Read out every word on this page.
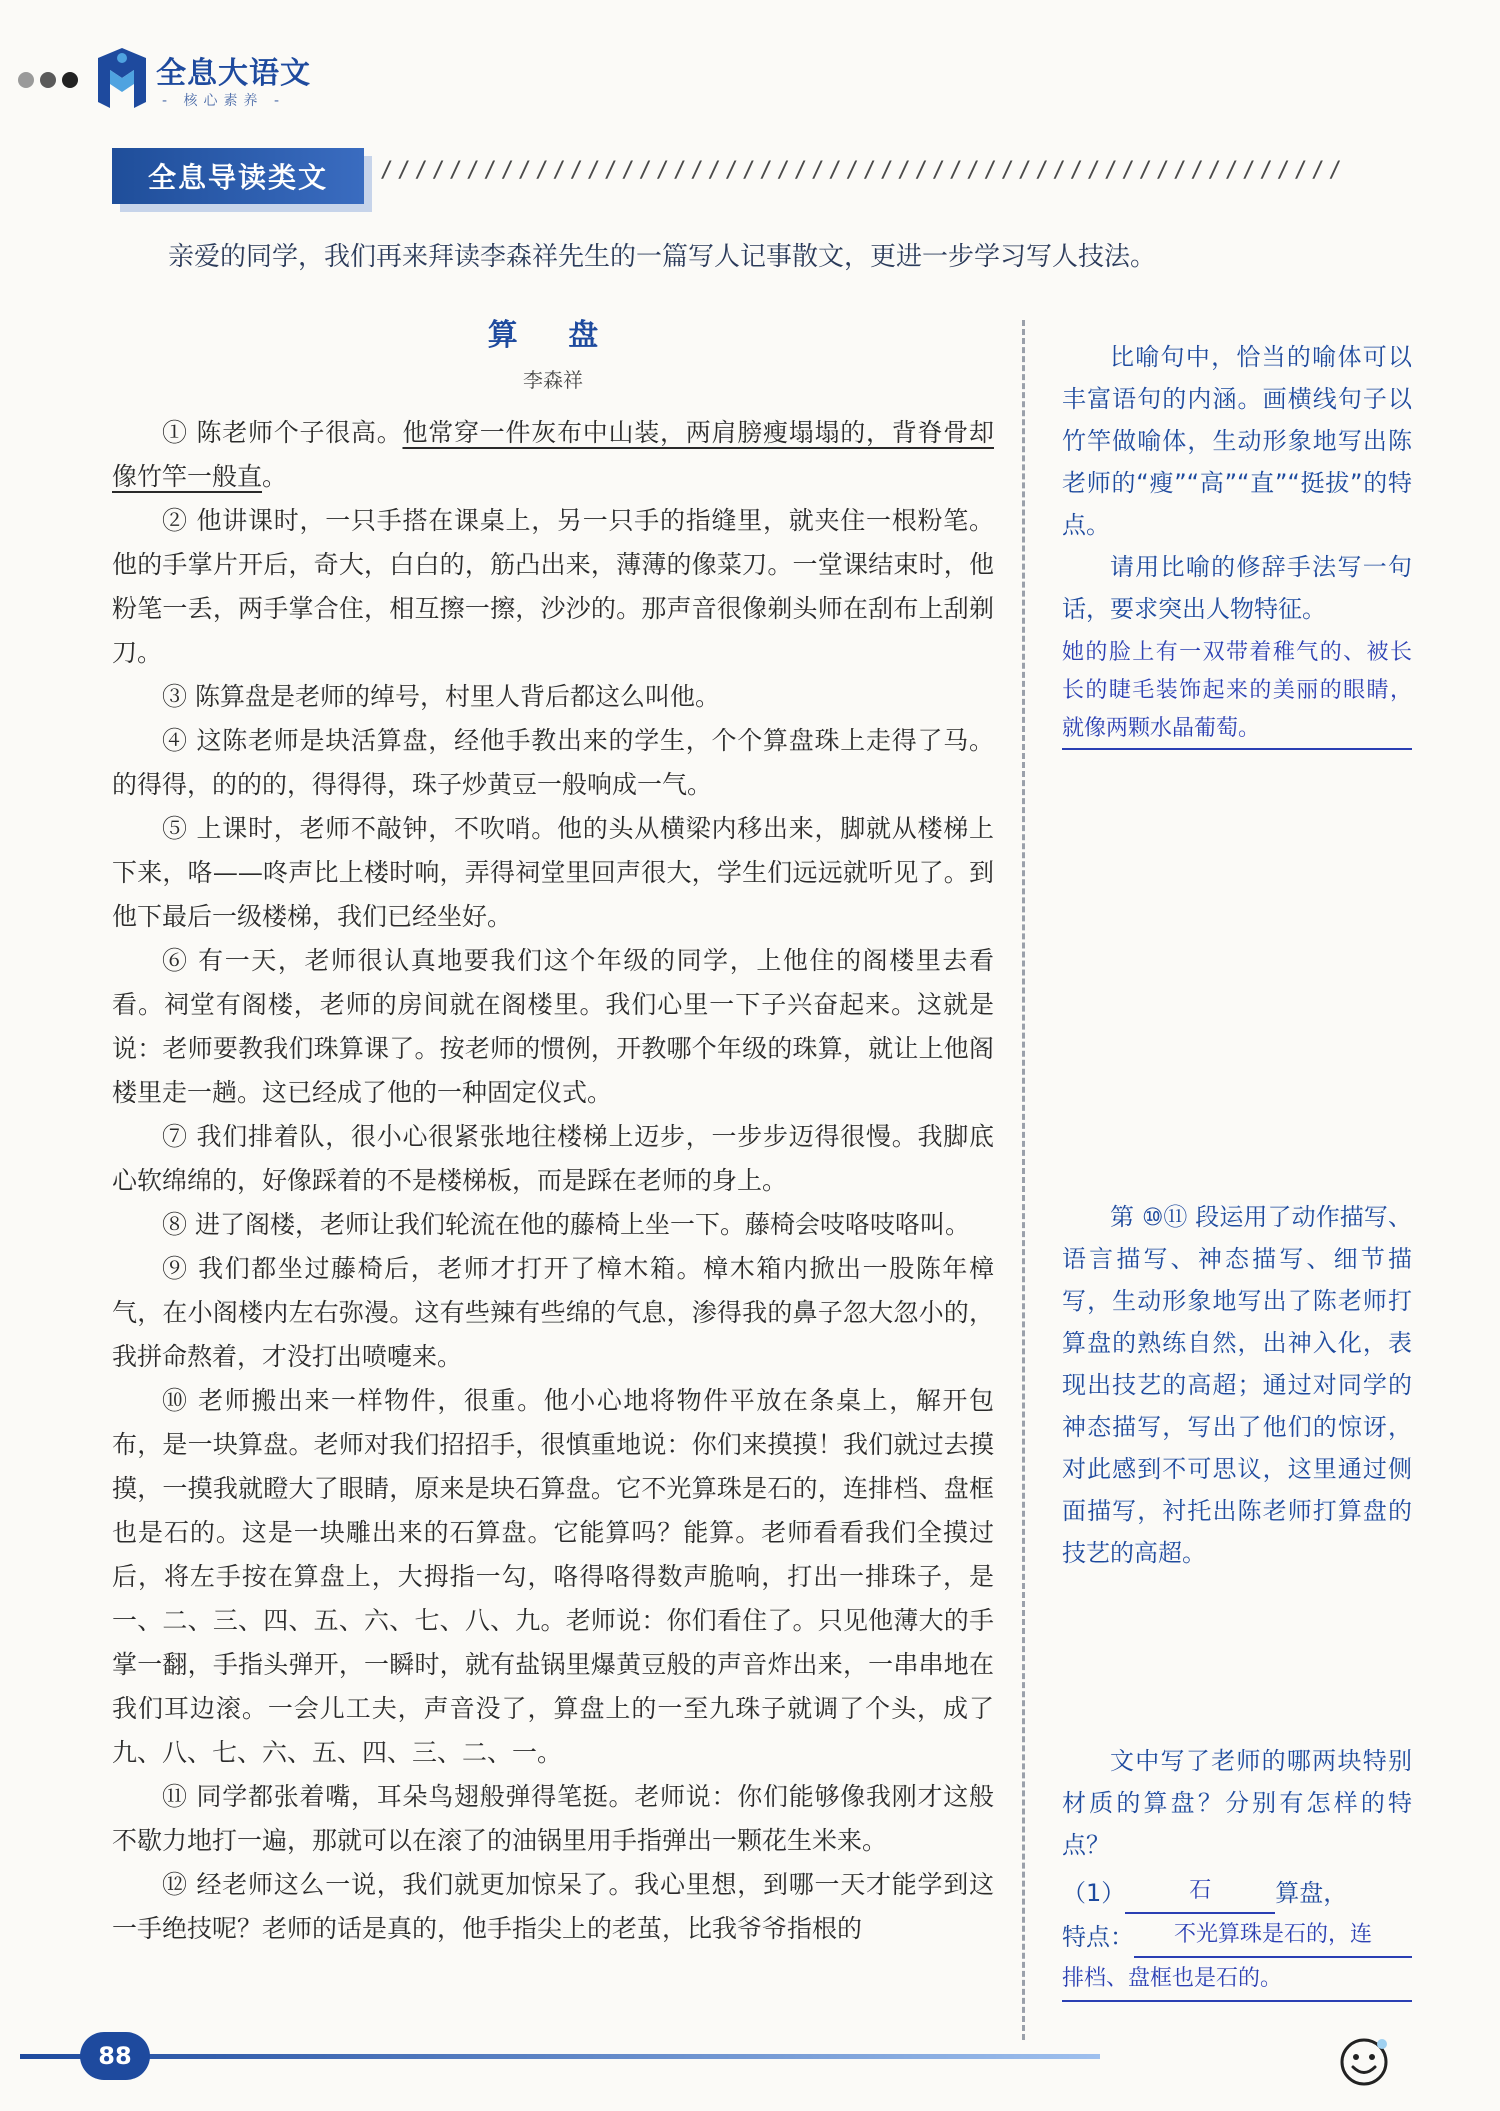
全息大语文
- 核心素养 -
全息导读类文	////////////////////////////////////////////////////////
亲爱的同学，我们再来拜读李森祥先生的一篇写人记事散文，更进一步学习写人技法。
算 盘
李森祥

① 陈老师个子很高。他常穿一件灰布中山装，两肩膀瘦塌塌的，背脊骨却像竹竿一般直。

② 他讲课时，一只手搭在课桌上，另一只手的指缝里，就夹住一根粉笔。他的手掌片开后，奇大，白白的，筋凸出来，薄薄的像菜刀。一堂课结束时，他粉笔一丢，两手掌合住，相互擦一擦，沙沙的。那声音很像剃头师在刮布上刮剃刀。

③ 陈算盘是老师的绰号，村里人背后都这么叫他。

④ 这陈老师是块活算盘，经他手教出来的学生，个个算盘珠上走得了马。的得得，的的的，得得得，珠子炒黄豆一般响成一气。

⑤ 上课时，老师不敲钟，不吹哨。他的头从横梁内移出来，脚就从楼梯上下来，咯——咚声比上楼时响，弄得祠堂里回声很大，学生们远远就听见了。到他下最后一级楼梯，我们已经坐好。

⑥ 有一天，老师很认真地要我们这个年级的同学，上他住的阁楼里去看看。祠堂有阁楼，老师的房间就在阁楼里。我们心里一下子兴奋起来。这就是说：老师要教我们珠算课了。按老师的惯例，开教哪个年级的珠算，就让上他阁楼里走一趟。这已经成了他的一种固定仪式。

⑦ 我们排着队，很小心很紧张地往楼梯上迈步，一步步迈得很慢。我脚底心软绵绵的，好像踩着的不是楼梯板，而是踩在老师的身上。

⑧ 进了阁楼，老师让我们轮流在他的藤椅上坐一下。藤椅会吱咯吱咯叫。

⑨ 我们都坐过藤椅后，老师才打开了樟木箱。樟木箱内掀出一股陈年樟气，在小阁楼内左右弥漫。这有些辣有些绵的气息，渗得我的鼻子忽大忽小的，我拼命熬着，才没打出喷嚏来。

⑩ 老师搬出来一样物件，很重。他小心地将物件平放在条桌上，解开包布，是一块算盘。老师对我们招招手，很慎重地说：你们来摸摸！我们就过去摸摸，一摸我就瞪大了眼睛，原来是块石算盘。它不光算珠是石的，连排档、盘框也是石的。这是一块雕出来的石算盘。它能算吗？能算。老师看看我们全摸过后，将左手按在算盘上，大拇指一勾，咯得咯得数声脆响，打出一排珠子，是一、二、三、四、五、六、七、八、九。老师说：你们看住了。只见他薄大的手掌一翻，手指头弹开，一瞬时，就有盐锅里爆黄豆般的声音炸出来，一串串地在我们耳边滚。一会儿工夫，声音没了，算盘上的一至九珠子就调了个头，成了九、八、七、六、五、四、三、二、一。

⑪ 同学都张着嘴，耳朵鸟翅般弹得笔挺。老师说：你们能够像我刚才这般不歇力地打一遍，那就可以在滚了的油锅里用手指弹出一颗花生米来。

⑫ 经老师这么一说，我们就更加惊呆了。我心里想，到哪一天才能学到这一手绝技呢？老师的话是真的，他手指尖上的老茧，比我爷爷指根的

比喻句中，恰当的喻体可以丰富语句的内涵。画横线句子以竹竿做喻体，生动形象地写出陈老师的“瘦”“高”“直”“挺拔”的特点。

请用比喻的修辞手法写一句话，要求突出人物特征。

她的脸上有一双带着稚气的、被长长的睫毛装饰起来的美丽的眼睛，就像两颗水晶葡萄。

第 ⑩⑪ 段运用了动作描写、语言描写、神态描写、细节描写，生动形象地写出了陈老师打算盘的熟练自然，出神入化，表现出技艺的高超；通过对同学的神态描写，写出了他们的惊讶，对此感到不可思议，这里通过侧面描写，衬托出陈老师打算盘的技艺的高超。

文中写了老师的哪两块特别材质的算盘？分别有怎样的特点？

（1）	石	算盘，
特点：	不光算珠是石的，连
排档、盘框也是石的。
88
